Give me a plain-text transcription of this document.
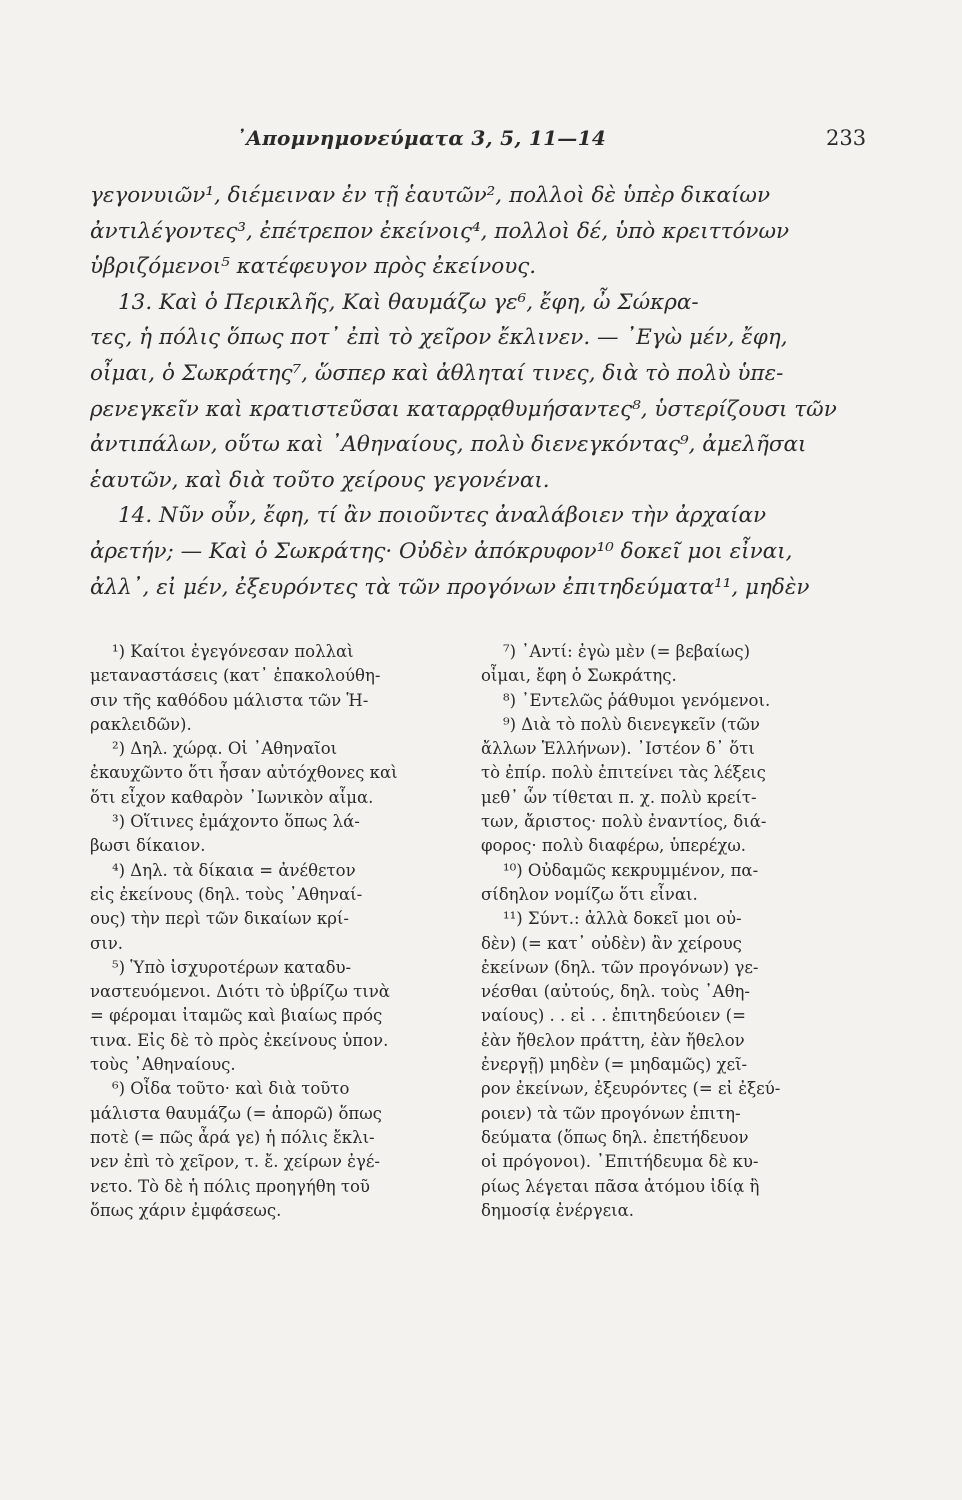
᾿Απομνημονεύματα 3, 5, 11—14	233
γεγονυιῶν¹, διέμειναν ἐν τῇ ἑαυτῶν², πολλοὶ δὲ ὑπὲρ δικαίων
ἀντιλέγοντες³, ἐπέτρεπον ἐκείνοις⁴, πολλοὶ δέ, ὑπὸ κρειττόνων
ὑβριζόμενοι⁵ κατέφευγον πρὸς ἐκείνους.
13. Καὶ ὁ Περικλῆς, Καὶ θαυμάζω γε⁶, ἔφη, ὦ Σώκρα-
τες, ἡ πόλις ὅπως ποτ᾿ ἐπὶ τὸ χεῖρον ἔκλινεν. — ᾿Εγὼ μέν, ἔφη,
οἶμαι, ὁ Σωκράτης⁷, ὥσπερ καὶ ἀθληταί τινες, διὰ τὸ πολὺ ὑπε-
ρενεγκεῖν καὶ κρατιστεῦσαι καταρρᾳθυμήσαντες⁸, ὑστερίζουσι τῶν
ἀντιπάλων, οὕτω καὶ ᾿Αθηναίους, πολὺ διενεγκόντας⁹, ἀμελῆσαι
ἑαυτῶν, καὶ διὰ τοῦτο χείρους γεγονέναι.
14. Νῦν οὖν, ἔφη, τί ἂν ποιοῦντες ἀναλάβοιεν τὴν ἀρχαίαν
ἀρετήν; — Καὶ ὁ Σωκράτης· Οὐδὲν ἀπόκρυφον¹⁰ δοκεῖ μοι εἶναι,
ἀλλ᾿, εἰ μέν, ἐξευρόντες τὰ τῶν προγόνων ἐπιτηδεύματα¹¹, μηδὲν
¹) Καίτοι ἐγεγόνεσαν πολλαὶ
μεταναστάσεις (κατ᾿ ἐπακολούθη-
σιν τῆς καθόδου μάλιστα τῶν Ἡ-
ρακλειδῶν).
²) Δηλ. χώρᾳ. Οἱ ᾿Αθηναῖοι
ἐκαυχῶντο ὅτι ἦσαν αὐτόχθονες καὶ
ὅτι εἶχον καθαρὸν ᾿Ιωνικὸν αἷμα.
³) Οἵτινες ἐμάχοντο ὅπως λά-
βωσι δίκαιον.
⁴) Δηλ. τὰ δίκαια = ἀνέθετον
εἰς ἐκείνους (δηλ. τοὺς ᾿Αθηναί-
ους) τὴν περὶ τῶν δικαίων κρί-
σιν.
⁵) Ὑπὸ ἰσχυροτέρων καταδυ-
ναστευόμενοι. Διότι τὸ ὑβρίζω τινὰ
= φέρομαι ἰταμῶς καὶ βιαίως πρός
τινα. Εἰς δὲ τὸ πρὸς ἐκείνους ὑπον.
τοὺς ᾿Αθηναίους.
⁶) Οἶδα τοῦτο· καὶ διὰ τοῦτο
μάλιστα θαυμάζω (= ἀπορῶ) ὅπως
ποτὲ (= πῶς ἆρά γε) ἡ πόλις ἔκλι-
νεν ἐπὶ τὸ χεῖρον, τ. ἔ. χείρων ἐγέ-
νετο. Τὸ δὲ ἡ πόλις προηγήθη τοῦ
ὅπως χάριν ἐμφάσεως.
⁷) ᾿Αντί: ἐγὼ μὲν (= βεβαίως)
οἶμαι, ἔφη ὁ Σωκράτης.
⁸) ᾿Εντελῶς ῥάθυμοι γενόμενοι.
⁹) Διὰ τὸ πολὺ διενεγκεῖν (τῶν
ἄλλων Ἑλλήνων). ᾿Ιστέον δ᾿ ὅτι
τὸ ἐπίρ. πολὺ ἐπιτείνει τὰς λέξεις
μεθ᾿ ὧν τίθεται π. χ. πολὺ κρείτ-
των, ἄριστος· πολὺ ἐναντίος, διά-
φορος· πολὺ διαφέρω, ὑπερέχω.
¹⁰) Οὐδαμῶς κεκρυμμένον, πα-
σίδηλον νομίζω ὅτι εἶναι.
¹¹) Σύντ.: ἀλλὰ δοκεῖ μοι οὐ-
δὲν) (= κατ᾿ οὐδὲν) ἂν χείρους
ἐκείνων (δηλ. τῶν προγόνων) γε-
νέσθαι (αὐτούς, δηλ. τοὺς ᾿Αθη-
ναίους) . . εἰ . . ἐπιτηδεύοιεν (=
ἐὰν ἤθελον πράττη, ἐὰν ἤθελον
ἐνεργῇ) μηδὲν (= μηδαμῶς) χεῖ-
ρον ἐκείνων, ἐξευρόντες (= εἰ ἐξεύ-
ροιεν) τὰ τῶν προγόνων ἐπιτη-
δεύματα (ὅπως δηλ. ἐπετήδευον
οἱ πρόγονοι). ᾿Επιτήδευμα δὲ κυ-
ρίως λέγεται πᾶσα ἀτόμου ἰδίᾳ ἢ
δημοσίᾳ ἐνέργεια.
